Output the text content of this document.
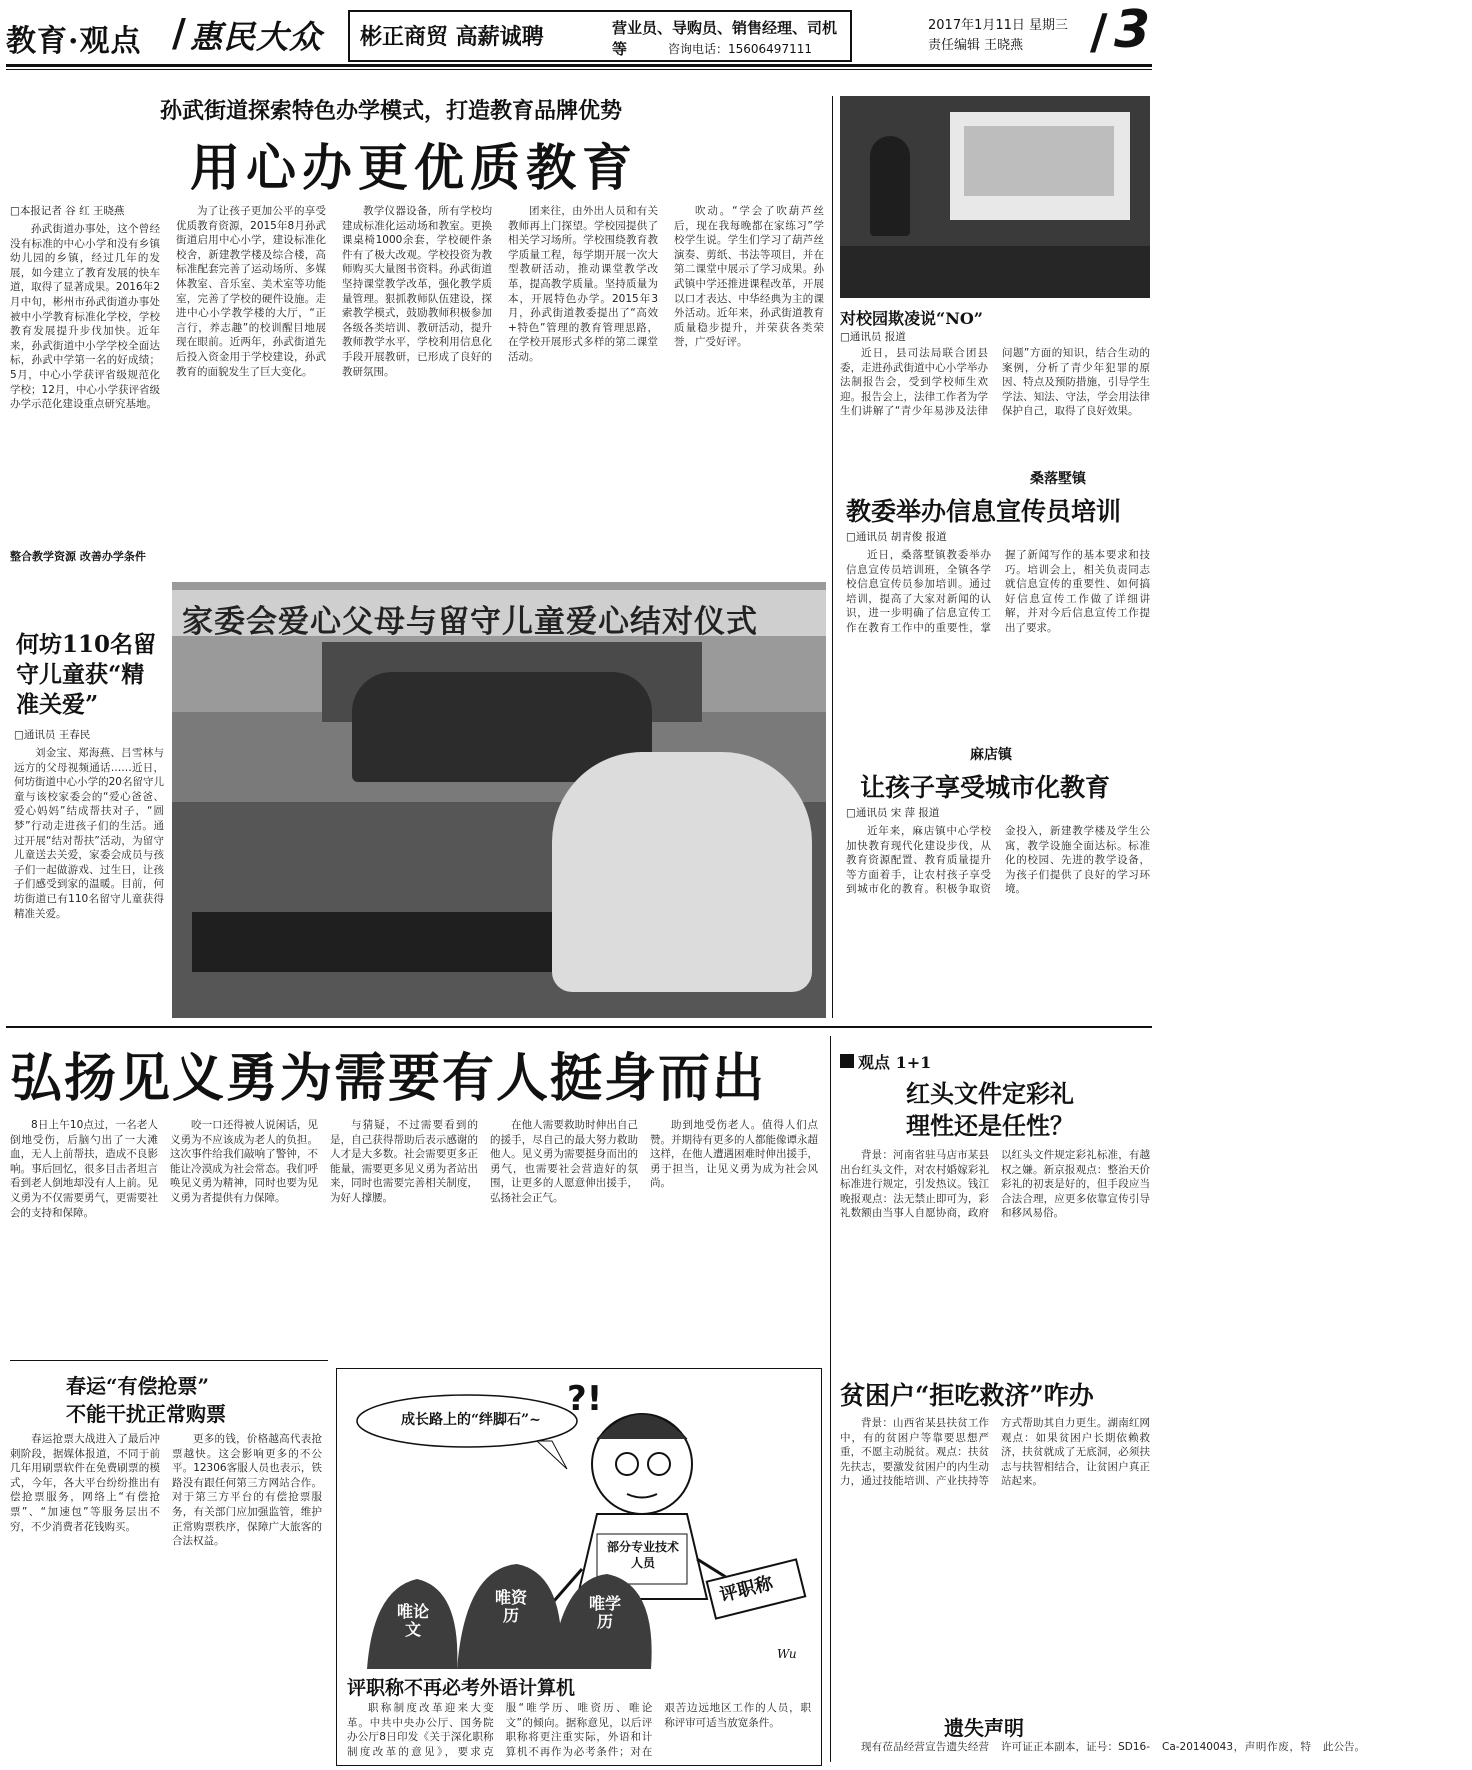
教育·观点 / 惠民大众 彬正商贸 高薪诚聘	营业员、导购员、销售经理、司机等	咨询电话：15606497111
2017年1月11日 星期三
责任编辑 王晓燕 / 3
孙武街道探索特色办学模式，打造教育品牌优势
用心办更优质教育
□本报记者 谷 红 王晓燕

孙武街道办事处，这个曾经没有标准的中心小学和没有乡镇幼儿园的乡镇，经过几年的发展，如今建立了教育发展的快车道，取得了显著成果。2016年2月中旬，彬州市孙武街道办事处被中小学教育标准化学校，学校教育发展提升步伐加快。近年来，孙武街道中小学学校全面达标，孙武中学第一名的好成绩；5月，中心小学获评省级规范化学校；12月，中心小学获评省级办学示范化建设重点研究基地。

为了让孩子更加公平的享受优质教育资源，2015年8月孙武街道启用中心小学，建设标准化校舍，新建教学楼及综合楼，高标准配套完善了运动场所、多媒体教室、音乐室、美术室等功能室，完善了学校的硬件设施。走进中心小学教学楼的大厅，“正言行，养志趣”的校训醒目地展现在眼前。近两年，孙武街道先后投入资金用于学校建设，孙武教育的面貌发生了巨大变化。

教学仪器设备，所有学校均建成标准化运动场和教室。更换课桌椅1000余套，学校硬件条件有了极大改观。学校投资为教师购买大量图书资料。孙武街道坚持课堂教学改革，强化教学质量管理。狠抓教师队伍建设，探索教学模式，鼓励教师积极参加各级各类培训、教研活动，提升教师教学水平，学校利用信息化手段开展教研，已形成了良好的教研氛围。

团来往，由外出人员和有关教师再上门探望。学校园提供了相关学习场所。学校围绕教育教学质量工程，每学期开展一次大型教研活动，推动课堂教学改革，提高教学质量。坚持质量为本，开展特色办学。2015年3月，孙武街道教委提出了“高效+特色”管理的教育管理思路，在学校开展形式多样的第二课堂活动。

吹动。“学会了吹葫芦丝后，现在我每晚都在家练习”学校学生说。学生们学习了葫芦丝演奏、剪纸、书法等项目，并在第二课堂中展示了学习成果。孙武镇中学还推进课程改革，开展以口才表达、中华经典为主的课外活动。近年来，孙武街道教育质量稳步提升，并荣获各类荣誉，广受好评。

整合教学资源 改善办学条件
对校园欺凌说“NO”
□通讯员 报道

近日，县司法局联合团县委，走进孙武街道中心小学举办法制报告会，受到学校师生欢迎。报告会上，法律工作者为学生们讲解了“青少年易涉及法律问题”方面的知识，结合生动的案例，分析了青少年犯罪的原因、特点及预防措施，引导学生学法、知法、守法，学会用法律保护自己，取得了良好效果。

桑落墅镇
教委举办信息宣传员培训
□通讯员 胡青俊 报道

近日，桑落墅镇教委举办信息宣传员培训班，全镇各学校信息宣传员参加培训。通过培训，提高了大家对新闻的认识，进一步明确了信息宣传工作在教育工作中的重要性，掌握了新闻写作的基本要求和技巧。培训会上，相关负责同志就信息宣传的重要性、如何搞好信息宣传工作做了详细讲解，并对今后信息宣传工作提出了要求。

麻店镇
让孩子享受城市化教育
□通讯员 宋 萍 报道

近年来，麻店镇中心学校加快教育现代化建设步伐，从教育资源配置、教育质量提升等方面着手，让农村孩子享受到城市化的教育。积极争取资金投入，新建教学楼及学生公寓，教学设施全面达标。标准化的校园、先进的教学设备，为孩子们提供了良好的学习环境。

何坊110名留守儿童获“精准关爱”
□通讯员 王春民

刘金宝、郑海燕、吕雪林与远方的父母视频通话……近日，何坊街道中心小学的20名留守儿童与该校家委会的“爱心爸爸、爱心妈妈”结成帮扶对子，“圆梦”行动走进孩子们的生活。通过开展“结对帮扶”活动，为留守儿童送去关爱，家委会成员与孩子们一起做游戏、过生日，让孩子们感受到家的温暖。目前，何坊街道已有110名留守儿童获得精准关爱。

家委会爱心父母与留守儿童爱心结对仪式
弘扬见义勇为需要有人挺身而出

8日上午10点过，一名老人倒地受伤，后脑勺出了一大滩血，无人上前帮扶，造成不良影响。事后回忆，很多目击者坦言看到老人倒地却没有人上前。见义勇为不仅需要勇气，更需要社会的支持和保障。

咬一口还得被人说闲话，见义勇为不应该成为老人的负担。这次事件给我们敲响了警钟，不能让冷漠成为社会常态。我们呼唤见义勇为精神，同时也要为见义勇为者提供有力保障。

与猜疑，不过需要看到的是，自己获得帮助后表示感谢的人才是大多数。社会需要更多正能量，需要更多见义勇为者站出来，同时也需要完善相关制度，为好人撑腰。

在他人需要救助时伸出自己的援手，尽自己的最大努力救助他人。见义勇为需要挺身而出的勇气，也需要社会营造好的氛围，让更多的人愿意伸出援手，弘扬社会正气。

助到地受伤老人。值得人们点赞。并期待有更多的人都能像谭永超这样，在他人遭遇困难时伸出援手，勇于担当，让见义勇为成为社会风尚。

观点 1+1
红头文件定彩礼 理性还是任性？

背景：河南省驻马店市某县出台红头文件，对农村婚嫁彩礼标准进行规定，引发热议。钱江晚报观点：法无禁止即可为，彩礼数额由当事人自愿协商，政府以红头文件规定彩礼标准，有越权之嫌。新京报观点：整治天价彩礼的初衷是好的，但手段应当合法合理，应更多依靠宣传引导和移风易俗。

贫困户“拒吃救济”咋办

背景：山西省某县扶贫工作中，有的贫困户等靠要思想严重，不愿主动脱贫。观点：扶贫先扶志，要激发贫困户的内生动力，通过技能培训、产业扶持等方式帮助其自力更生。湖南红网观点：如果贫困户长期依赖救济，扶贫就成了无底洞，必须扶志与扶智相结合，让贫困户真正站起来。

遗失声明

现有莅品经营宣告遗失经营许可证正本副本，证号：SD16-Ca-20140043，声明作废，特此公告。

春运“有偿抢票”
不能干扰正常购票

春运抢票大战进入了最后冲刺阶段，据媒体报道，不同于前几年用刷票软件在免费刷票的模式，今年，各大平台纷纷推出有偿抢票服务，网络上“有偿抢票”、“加速包”等服务层出不穷，不少消费者花钱购买。

更多的钱，价格越高代表抢票越快。这会影响更多的不公平。12306客服人员也表示，铁路没有跟任何第三方网站合作。对于第三方平台的有偿抢票服务，有关部门应加强监管，维护正常购票秩序，保障广大旅客的合法权益。

成长路上的“绊脚石”~
?!
部分专业技术人员
评职称
唯论文
唯资历
唯学历
Wu
评职称不再必考外语计算机

职称制度改革迎来大变革。中共中央办公厅、国务院办公厅8日印发《关于深化职称制度改革的意见》，要求克服“唯学历、唯资历、唯论文”的倾向。据称意见，以后评职称将更注重实际，外语和计算机不再作为必考条件；对在艰苦边远地区工作的人员，职称评审可适当放宽条件。
